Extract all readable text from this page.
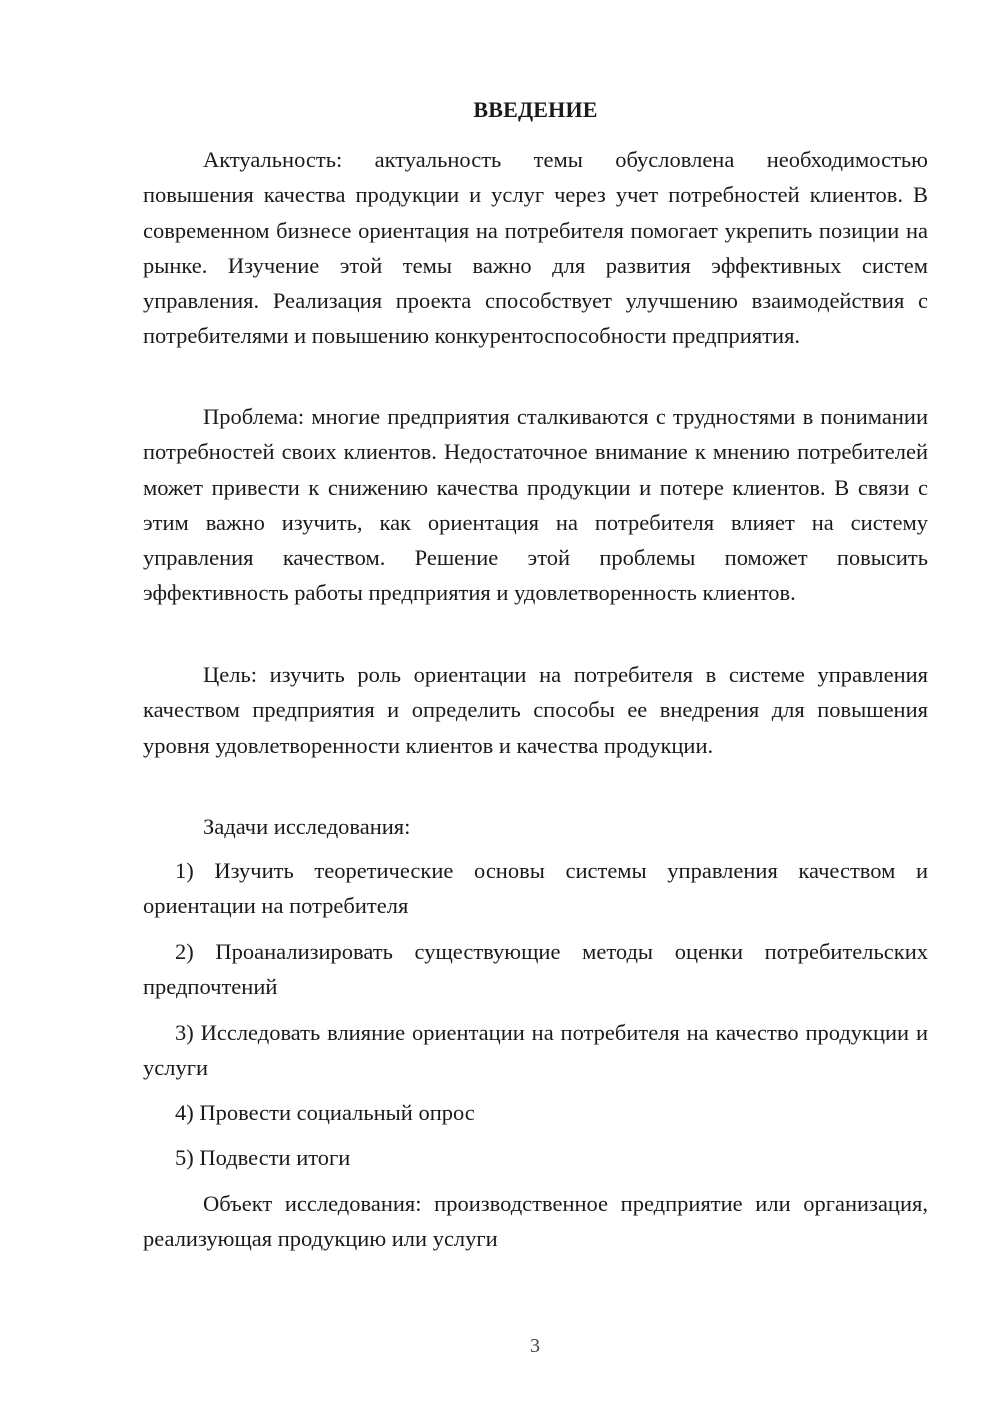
ВВЕДЕНИЕ

Актуальность: актуальность темы обусловлена необходимостью повышения качества продукции и услуг через учет потребностей клиентов. В современном бизнесе ориентация на потребителя помогает укрепить позиции на рынке. Изучение этой темы важно для развития эффективных систем управления. Реализация проекта способствует улучшению взаимодействия с потребителями и повышению конкурентоспособности предприятия.

Проблема: многие предприятия сталкиваются с трудностями в понимании потребностей своих клиентов. Недостаточное внимание к мнению потребителей может привести к снижению качества продукции и потере клиентов. В связи с этим важно изучить, как ориентация на потребителя влияет на систему управления качеством. Решение этой проблемы поможет повысить эффективность работы предприятия и удовлетворенность клиентов.

Цель: изучить роль ориентации на потребителя в системе управления качеством предприятия и определить способы ее внедрения для повышения уровня удовлетворенности клиентов и качества продукции.

Задачи исследования:

1) Изучить теоретические основы системы управления качеством и ориентации на потребителя

2) Проанализировать существующие методы оценки потребительских предпочтений

3) Исследовать влияние ориентации на потребителя на качество продукции и услуги

4) Провести социальный опрос

5) Подвести итоги

Объект исследования: производственное предприятие или организация, реализующая продукцию или услуги

3
